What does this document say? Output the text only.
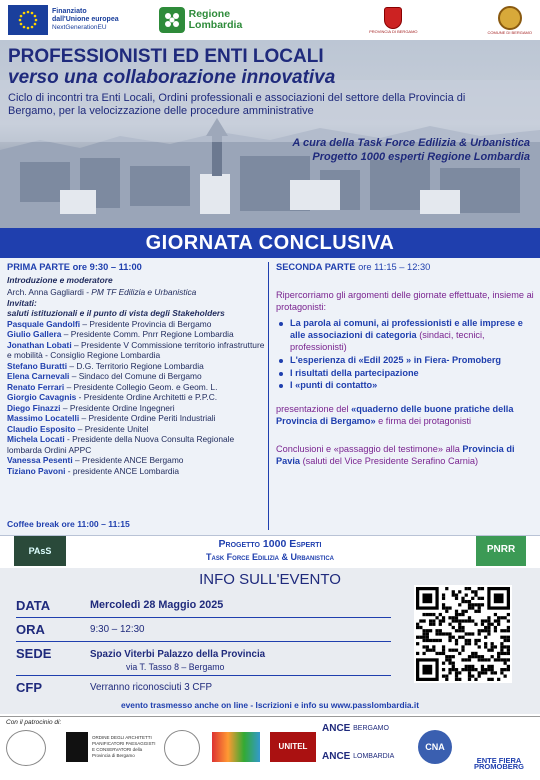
Finanziato
dall'Unione europea
NextGenerationEU
Regione
Lombardia	PROVINCIA DI BERGAMO	COMUNE DI BERGAMO
PROFESSIONISTI ED ENTI LOCALI
verso una collaborazione innovativa
Ciclo di incontri tra Enti Locali, Ordini professionali e associazioni del settore della Provincia di Bergamo, per la velocizzazione delle procedure amministrative
A cura della Task Force Edilizia & Urbanistica
Progetto 1000 esperti Regione Lombardia
GIORNATA CONCLUSIVA
PRIMA PARTE ore 9:30 – 11:00
Introduzione e moderatore
Arch. Anna Gagliardi - PM TF Edilizia e Urbanistica
Invitati:
saluti istituzionali e il punto di vista degli Stakeholders
Pasquale Gandolfi – Presidente Provincia di Bergamo
Giulio Gallera – Presidente Comm. Pnrr Regione Lombardia
Jonathan Lobati – Presidente V Commissione territorio infrastrutture e mobilità - Consiglio Regione Lombardia
Stefano Buratti – D.G. Territorio Regione Lombardia
Elena Carnevali – Sindaco del Comune di Bergamo
Renato Ferrari – Presidente Collegio Geom. e Geom. L.
Giorgio Cavagnis - Presidente Ordine Architetti e P.P.C.
Diego Finazzi – Presidente Ordine Ingegneri
Massimo Locatelli – Presidente Ordine Periti Industriali
Claudio Esposito – Presidente Unitel
Michela Locati - Presidente della Nuova Consulta Regionale lombarda Ordini APPC
Vanessa Pesenti – Presidente ANCE Bergamo
Tiziano Pavoni - presidente ANCE Lombardia
Coffee break ore 11:00 – 11:15
SECONDA PARTE ore 11:15 – 12:30
Ripercorriamo gli argomenti delle giornate effettuate, insieme ai protagonisti:
La parola ai comuni, ai professionisti e alle imprese e alle associazioni di categoria (sindaci, tecnici, professionisti)
L'esperienza di «Edil 2025 » in Fiera- Promoberg
I risultati della partecipazione
I «punti di contatto»
presentazione del «quaderno delle buone pratiche della Provincia di Bergamo» e firma dei protagonisti
Conclusioni e «passaggio del testimone» alla Provincia di Pavia (saluti del Vice Presidente Serafino Carnia)
Progetto 1000 Esperti
Task Force Edilizia & Urbanistica
PAsS	PNRR
INFO SULL'EVENTO
DATA	Mercoledì 28 Maggio 2025
ORA	9:30 – 12:30
SEDE	Spazio Viterbi Palazzo della Provincia
via T. Tasso 8 – Bergamo
CFP	Verranno riconosciuti 3 CFP
evento trasmesso anche on line - Iscrizioni e info su www.passlombardia.it
Con il patrocinio di:
ORDINE DEGLI ARCHITETTI PIANIFICATORI PAESAGGISTI E CONSERVATORI della Provincia di Bergamo
UNITEL
ANCE
BERGAMO
ANCE
LOMBARDIA
CNA
ENTE FIERA PROMOBERG
